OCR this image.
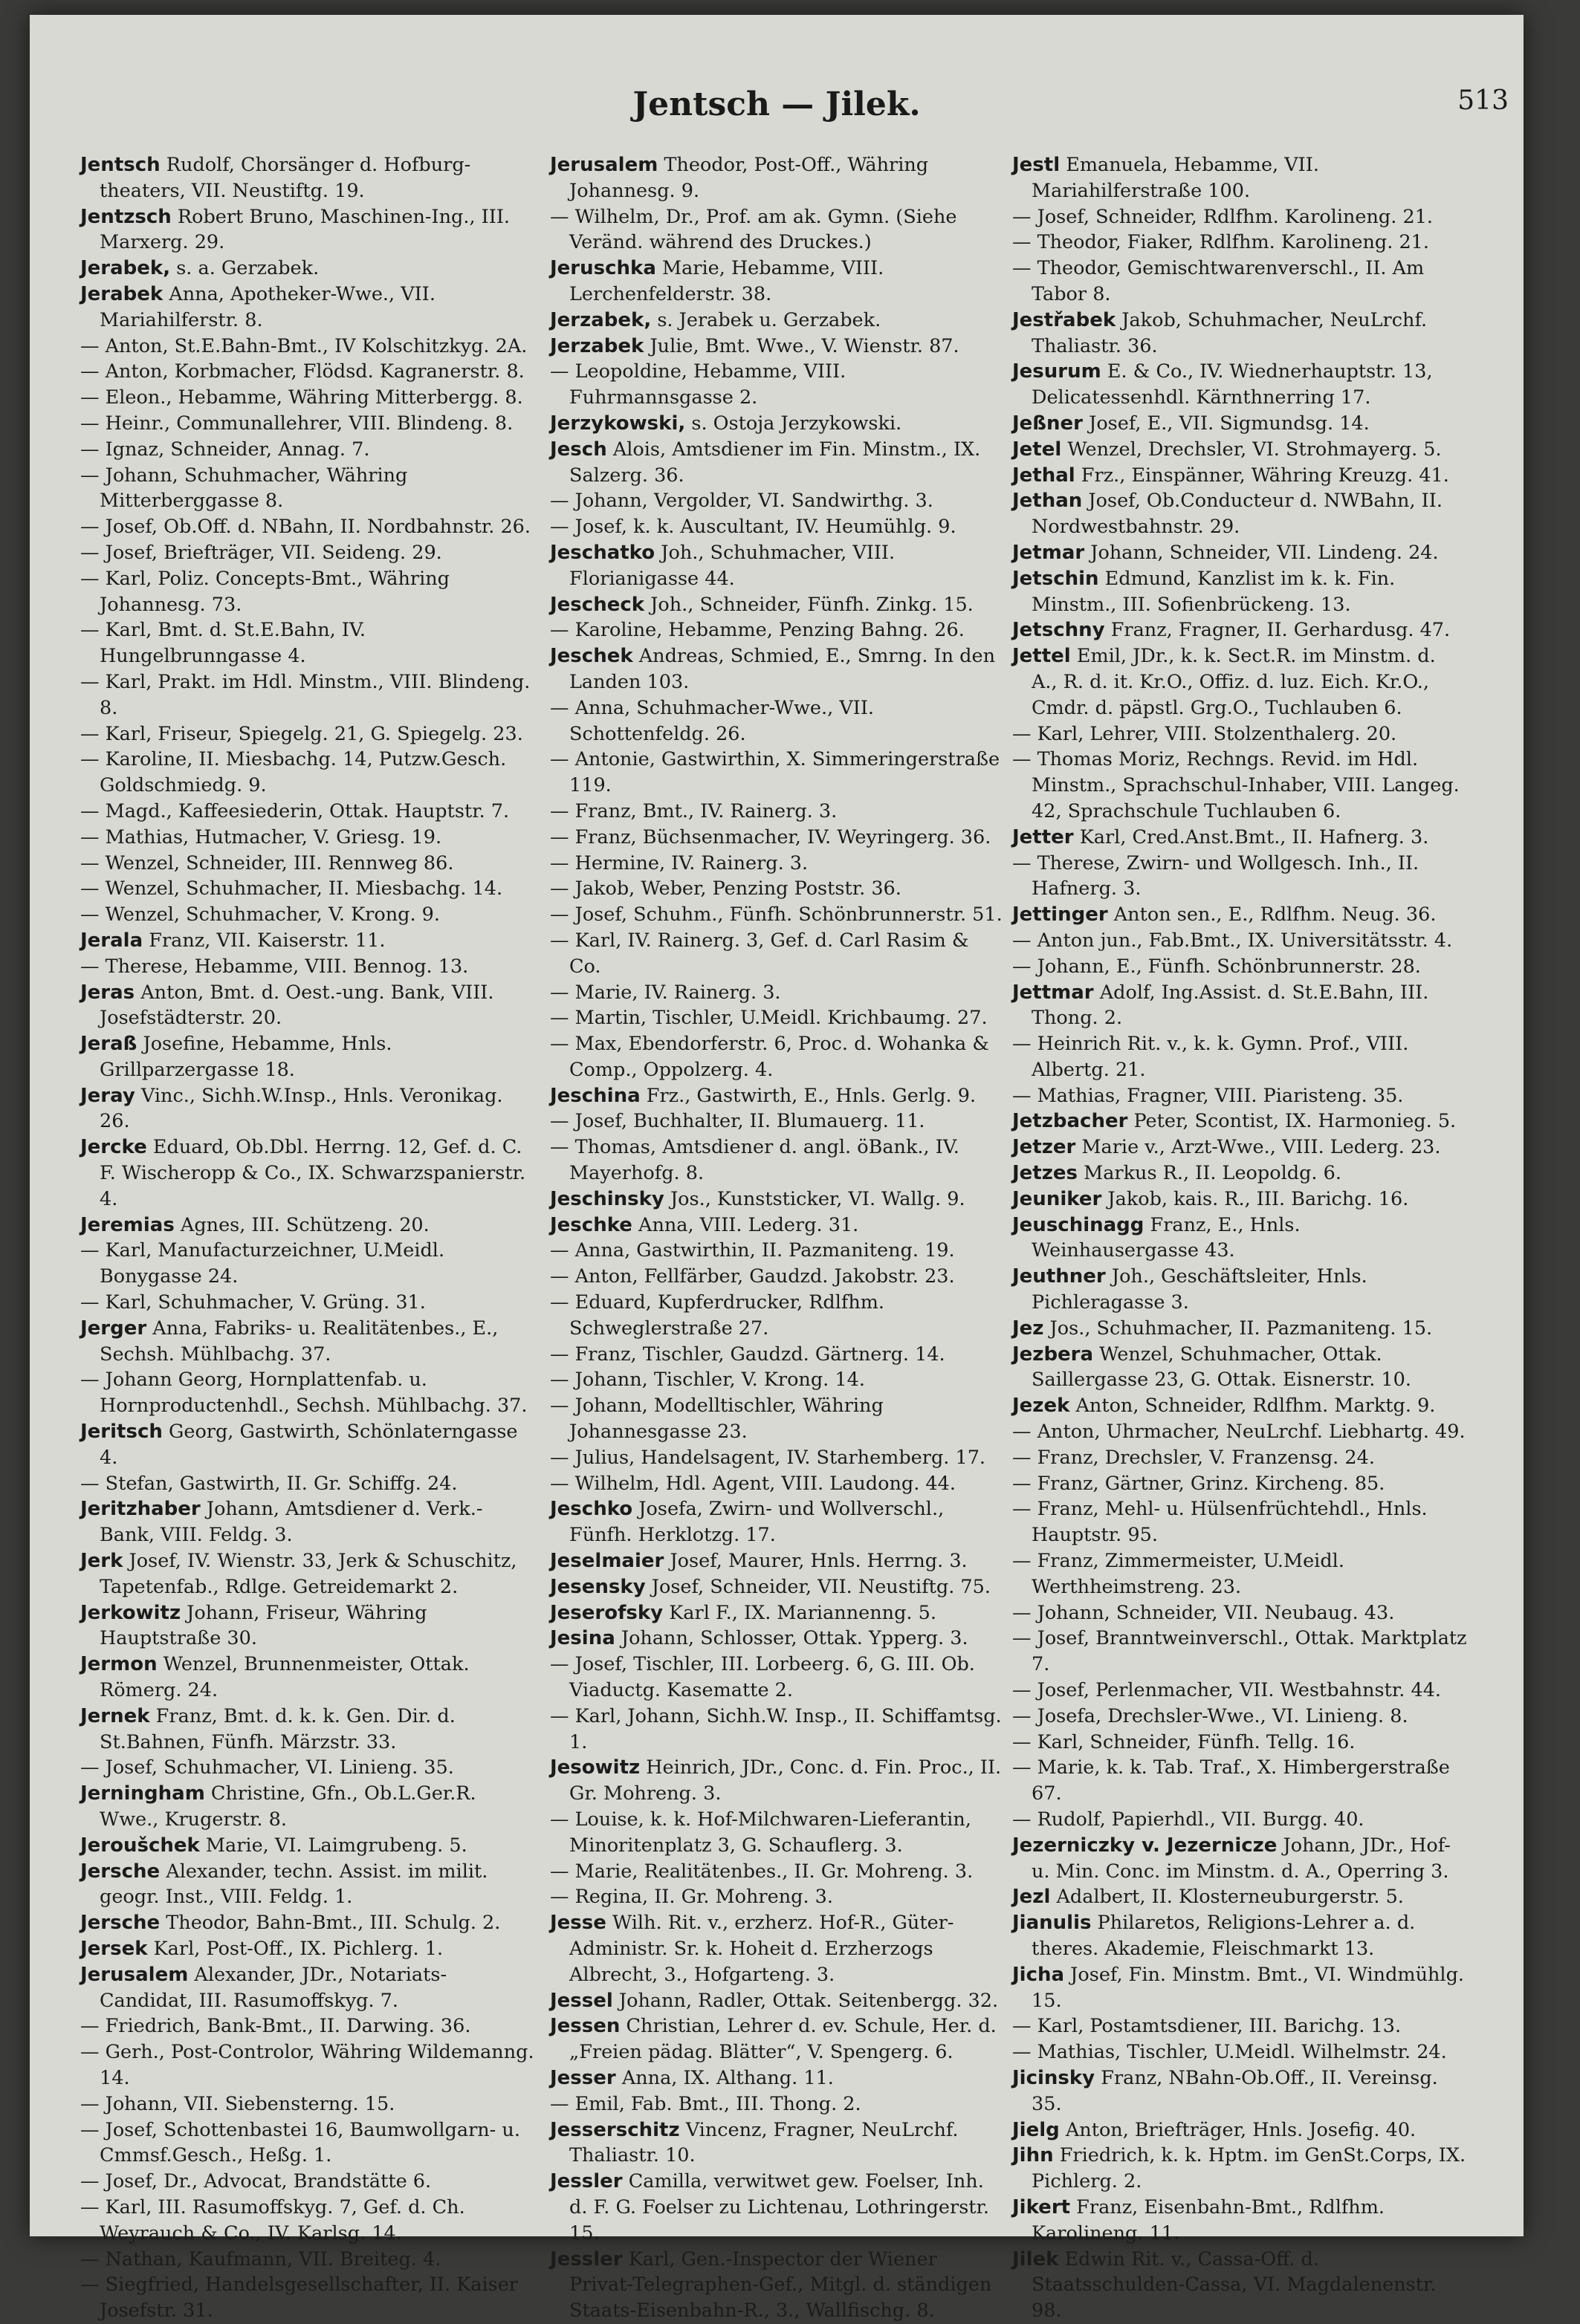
Jentsch — Jilek.	513

Jentsch Rudolf, Chorsänger d. Hofburg-theaters, VII. Neustiftg. 19.

Jentzsch Robert Bruno, Maschinen-Ing., III. Marxerg. 29.

Jerabek, s. a. Gerzabek.

Jerabek Anna, Apotheker-Wwe., VII. Mariahilferstr. 8.

— Anton, St.E.Bahn-Bmt., IV Kolschitzkyg. 2A.

— Anton, Korbmacher, Flödsd. Kagranerstr. 8.

— Eleon., Hebamme, Währing Mitterbergg. 8.

— Heinr., Communallehrer, VIII. Blindeng. 8.

— Ignaz, Schneider, Annag. 7.

— Johann, Schuhmacher, Währing Mitterberggasse 8.

— Josef, Ob.Off. d. NBahn, II. Nordbahnstr. 26.

— Josef, Briefträger, VII. Seideng. 29.

— Karl, Poliz. Concepts-Bmt., Währing Johannesg. 73.

— Karl, Bmt. d. St.E.Bahn, IV. Hungelbrunngasse 4.

— Karl, Prakt. im Hdl. Minstm., VIII. Blindeng. 8.

— Karl, Friseur, Spiegelg. 21, G. Spiegelg. 23.

— Karoline, II. Miesbachg. 14, Putzw.Gesch. Goldschmiedg. 9.

— Magd., Kaffeesiederin, Ottak. Hauptstr. 7.

— Mathias, Hutmacher, V. Griesg. 19.

— Wenzel, Schneider, III. Rennweg 86.

— Wenzel, Schuhmacher, II. Miesbachg. 14.

— Wenzel, Schuhmacher, V. Krong. 9.

Jerala Franz, VII. Kaiserstr. 11.

— Therese, Hebamme, VIII. Bennog. 13.

Jeras Anton, Bmt. d. Oest.-ung. Bank, VIII. Josefstädterstr. 20.

Jeraß Josefine, Hebamme, Hnls. Grillparzergasse 18.

Jeray Vinc., Sichh.W.Insp., Hnls. Veronikag. 26.

Jercke Eduard, Ob.Dbl. Herrng. 12, Gef. d. C. F. Wischeropp & Co., IX. Schwarzspanierstr. 4.

Jeremias Agnes, III. Schützeng. 20.

— Karl, Manufacturzeichner, U.Meidl. Bonygasse 24.

— Karl, Schuhmacher, V. Grüng. 31.

Jerger Anna, Fabriks- u. Realitätenbes., E., Sechsh. Mühlbachg. 37.

— Johann Georg, Hornplattenfab. u. Hornproductenhdl., Sechsh. Mühlbachg. 37.

Jeritsch Georg, Gastwirth, Schönlaterngasse 4.

— Stefan, Gastwirth, II. Gr. Schiffg. 24.

Jeritzhaber Johann, Amtsdiener d. Verk.-Bank, VIII. Feldg. 3.

Jerk Josef, IV. Wienstr. 33, Jerk & Schuschitz, Tapetenfab., Rdlge. Getreidemarkt 2.

Jerkowitz Johann, Friseur, Währing Hauptstraße 30.

Jermon Wenzel, Brunnenmeister, Ottak. Römerg. 24.

Jernek Franz, Bmt. d. k. k. Gen. Dir. d. St.Bahnen, Fünfh. Märzstr. 33.

— Josef, Schuhmacher, VI. Linieng. 35.

Jerningham Christine, Gfn., Ob.L.Ger.R. Wwe., Krugerstr. 8.

Jeroušchek Marie, VI. Laimgrubeng. 5.

Jersche Alexander, techn. Assist. im milit. geogr. Inst., VIII. Feldg. 1.

Jersche Theodor, Bahn-Bmt., III. Schulg. 2.

Jersek Karl, Post-Off., IX. Pichlerg. 1.

Jerusalem Alexander, JDr., Notariats-Candidat, III. Rasumoffskyg. 7.

— Friedrich, Bank-Bmt., II. Darwing. 36.

— Gerh., Post-Controlor, Währing Wildemanng. 14.

— Johann, VII. Siebensterng. 15.

— Josef, Schottenbastei 16, Baumwollgarn- u. Cmmsf.Gesch., Heßg. 1.

— Josef, Dr., Advocat, Brandstätte 6.

— Karl, III. Rasumoffskyg. 7, Gef. d. Ch. Weyrauch & Co., IV. Karlsg. 14.

— Nathan, Kaufmann, VII. Breiteg. 4.

— Siegfried, Handelsgesellschafter, II. Kaiser Josefstr. 31.

Jerusalem Theodor, Post-Off., Währing Johannesg. 9.

— Wilhelm, Dr., Prof. am ak. Gymn. (Siehe Veränd. während des Druckes.)

Jeruschka Marie, Hebamme, VIII. Lerchenfelderstr. 38.

Jerzabek, s. Jerabek u. Gerzabek.

Jerzabek Julie, Bmt. Wwe., V. Wienstr. 87.

— Leopoldine, Hebamme, VIII. Fuhrmannsgasse 2.

Jerzykowski, s. Ostoja Jerzykowski.

Jesch Alois, Amtsdiener im Fin. Minstm., IX. Salzerg. 36.

— Johann, Vergolder, VI. Sandwirthg. 3.

— Josef, k. k. Auscultant, IV. Heumühlg. 9.

Jeschatko Joh., Schuhmacher, VIII. Florianigasse 44.

Jescheck Joh., Schneider, Fünfh. Zinkg. 15.

— Karoline, Hebamme, Penzing Bahng. 26.

Jeschek Andreas, Schmied, E., Smrng. In den Landen 103.

— Anna, Schuhmacher-Wwe., VII. Schottenfeldg. 26.

— Antonie, Gastwirthin, X. Simmeringerstraße 119.

— Franz, Bmt., IV. Rainerg. 3.

— Franz, Büchsenmacher, IV. Weyringerg. 36.

— Hermine, IV. Rainerg. 3.

— Jakob, Weber, Penzing Poststr. 36.

— Josef, Schuhm., Fünfh. Schönbrunnerstr. 51.

— Karl, IV. Rainerg. 3, Gef. d. Carl Rasim & Co.

— Marie, IV. Rainerg. 3.

— Martin, Tischler, U.Meidl. Krichbaumg. 27.

— Max, Ebendorferstr. 6, Proc. d. Wohanka & Comp., Oppolzerg. 4.

Jeschina Frz., Gastwirth, E., Hnls. Gerlg. 9.

— Josef, Buchhalter, II. Blumauerg. 11.

— Thomas, Amtsdiener d. angl. öBank., IV. Mayerhofg. 8.

Jeschinsky Jos., Kunststicker, VI. Wallg. 9.

Jeschke Anna, VIII. Lederg. 31.

— Anna, Gastwirthin, II. Pazmaniteng. 19.

— Anton, Fellfärber, Gaudzd. Jakobstr. 23.

— Eduard, Kupferdrucker, Rdlfhm. Schweglerstraße 27.

— Franz, Tischler, Gaudzd. Gärtnerg. 14.

— Johann, Tischler, V. Krong. 14.

— Johann, Modelltischler, Währing Johannesgasse 23.

— Julius, Handelsagent, IV. Starhemberg. 17.

— Wilhelm, Hdl. Agent, VIII. Laudong. 44.

Jeschko Josefa, Zwirn- und Wollverschl., Fünfh. Herklotzg. 17.

Jeselmaier Josef, Maurer, Hnls. Herrng. 3.

Jesensky Josef, Schneider, VII. Neustiftg. 75.

Jeserofsky Karl F., IX. Mariannenng. 5.

Jesina Johann, Schlosser, Ottak. Ypperg. 3.

— Josef, Tischler, III. Lorbeerg. 6, G. III. Ob. Viaductg. Kasematte 2.

— Karl, Johann, Sichh.W. Insp., II. Schiffamtsg. 1.

Jesowitz Heinrich, JDr., Conc. d. Fin. Proc., II. Gr. Mohreng. 3.

— Louise, k. k. Hof-Milchwaren-Lieferantin, Minoritenplatz 3, G. Schauflerg. 3.

— Marie, Realitätenbes., II. Gr. Mohreng. 3.

— Regina, II. Gr. Mohreng. 3.

Jesse Wilh. Rit. v., erzherz. Hof-R., Güter-Administr. Sr. k. Hoheit d. Erzherzogs Albrecht, 3., Hofgarteng. 3.

Jessel Johann, Radler, Ottak. Seitenbergg. 32.

Jessen Christian, Lehrer d. ev. Schule, Her. d. „Freien pädag. Blätter“, V. Spengerg. 6.

Jesser Anna, IX. Althang. 11.

— Emil, Fab. Bmt., III. Thong. 2.

Jesserschitz Vincenz, Fragner, NeuLrchf. Thaliastr. 10.

Jessler Camilla, verwitwet gew. Foelser, Inh. d. F. G. Foelser zu Lichtenau, Lothringerstr. 15.

Jessler Karl, Gen.-Inspector der Wiener Privat-Telegraphen-Gef., Mitgl. d. ständigen Staats-Eisenbahn-R., 3., Wallfischg. 8.

Jestl Emanuela, Hebamme, VII. Mariahilferstraße 100.

— Josef, Schneider, Rdlfhm. Karolineng. 21.

— Theodor, Fiaker, Rdlfhm. Karolineng. 21.

— Theodor, Gemischtwarenverschl., II. Am Tabor 8.

Jestřabek Jakob, Schuhmacher, NeuLrchf. Thaliastr. 36.

Jesurum E. & Co., IV. Wiednerhauptstr. 13, Delicatessenhdl. Kärnthnerring 17.

Jeßner Josef, E., VII. Sigmundsg. 14.

Jetel Wenzel, Drechsler, VI. Strohmayerg. 5.

Jethal Frz., Einspänner, Währing Kreuzg. 41.

Jethan Josef, Ob.Conducteur d. NWBahn, II. Nordwestbahnstr. 29.

Jetmar Johann, Schneider, VII. Lindeng. 24.

Jetschin Edmund, Kanzlist im k. k. Fin. Minstm., III. Sofienbrückeng. 13.

Jetschny Franz, Fragner, II. Gerhardusg. 47.

Jettel Emil, JDr., k. k. Sect.R. im Minstm. d. A., R. d. it. Kr.O., Offiz. d. luz. Eich. Kr.O., Cmdr. d. päpstl. Grg.O., Tuchlauben 6.

— Karl, Lehrer, VIII. Stolzenthalerg. 20.

— Thomas Moriz, Rechngs. Revid. im Hdl. Minstm., Sprachschul-Inhaber, VIII. Langeg. 42, Sprachschule Tuchlauben 6.

Jetter Karl, Cred.Anst.Bmt., II. Hafnerg. 3.

— Therese, Zwirn- und Wollgesch. Inh., II. Hafnerg. 3.

Jettinger Anton sen., E., Rdlfhm. Neug. 36.

— Anton jun., Fab.Bmt., IX. Universitätsstr. 4.

— Johann, E., Fünfh. Schönbrunnerstr. 28.

Jettmar Adolf, Ing.Assist. d. St.E.Bahn, III. Thong. 2.

— Heinrich Rit. v., k. k. Gymn. Prof., VIII. Albertg. 21.

— Mathias, Fragner, VIII. Piaristeng. 35.

Jetzbacher Peter, Scontist, IX. Harmonieg. 5.

Jetzer Marie v., Arzt-Wwe., VIII. Lederg. 23.

Jetzes Markus R., II. Leopoldg. 6.

Jeuniker Jakob, kais. R., III. Barichg. 16.

Jeuschinagg Franz, E., Hnls. Weinhausergasse 43.

Jeuthner Joh., Geschäftsleiter, Hnls. Pichleragasse 3.

Jez Jos., Schuhmacher, II. Pazmaniteng. 15.

Jezbera Wenzel, Schuhmacher, Ottak. Saillergasse 23, G. Ottak. Eisnerstr. 10.

Jezek Anton, Schneider, Rdlfhm. Marktg. 9.

— Anton, Uhrmacher, NeuLrchf. Liebhartg. 49.

— Franz, Drechsler, V. Franzensg. 24.

— Franz, Gärtner, Grinz. Kircheng. 85.

— Franz, Mehl- u. Hülsenfrüchtehdl., Hnls. Hauptstr. 95.

— Franz, Zimmermeister, U.Meidl. Werthheimstreng. 23.

— Johann, Schneider, VII. Neubaug. 43.

— Josef, Branntweinverschl., Ottak. Marktplatz 7.

— Josef, Perlenmacher, VII. Westbahnstr. 44.

— Josefa, Drechsler-Wwe., VI. Linieng. 8.

— Karl, Schneider, Fünfh. Tellg. 16.

— Marie, k. k. Tab. Traf., X. Himbergerstraße 67.

— Rudolf, Papierhdl., VII. Burgg. 40.

Jezerniczky v. Jezernicze Johann, JDr., Hof- u. Min. Conc. im Minstm. d. A., Operring 3.

Jezl Adalbert, II. Klosterneuburgerstr. 5.

Jianulis Philaretos, Religions-Lehrer a. d. theres. Akademie, Fleischmarkt 13.

Jicha Josef, Fin. Minstm. Bmt., VI. Windmühlg. 15.

— Karl, Postamtsdiener, III. Barichg. 13.

— Mathias, Tischler, U.Meidl. Wilhelmstr. 24.

Jicinsky Franz, NBahn-Ob.Off., II. Vereinsg. 35.

Jielg Anton, Briefträger, Hnls. Josefig. 40.

Jihn Friedrich, k. k. Hptm. im GenSt.Corps, IX. Pichlerg. 2.

Jikert Franz, Eisenbahn-Bmt., Rdlfhm. Karolineng. 11.

Jilek Edwin Rit. v., Cassa-Off. d. Staatsschulden-Cassa, VI. Magdalenenstr. 98.
